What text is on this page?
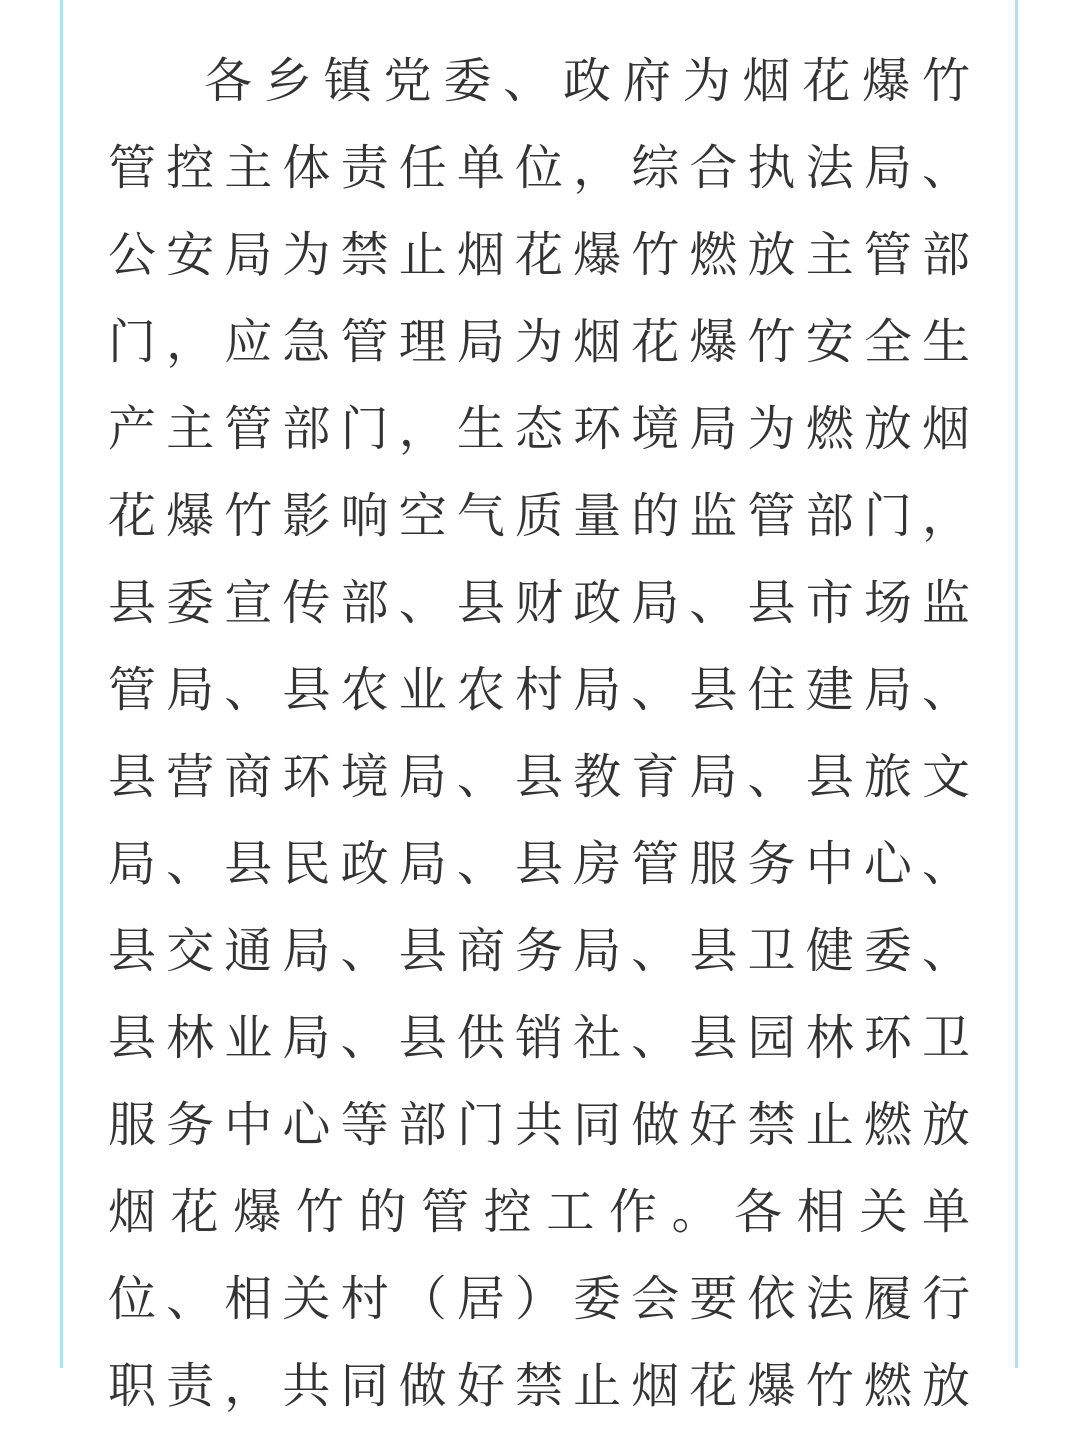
各乡镇党委、政府为烟花爆竹
管控主体责任单位，综合执法局、
公安局为禁止烟花爆竹燃放主管部
门，应急管理局为烟花爆竹安全生
产主管部门，生态环境局为燃放烟
花爆竹影响空气质量的监管部门，
县委宣传部、县财政局、县市场监
管局、县农业农村局、县住建局、
县营商环境局、县教育局、县旅文
局、县民政局、县房管服务中心、
县交通局、县商务局、县卫健委、
县林业局、县供销社、县园林环卫
服务中心等部门共同做好禁止燃放
烟花爆竹的管控工作。各相关单
位、相关村（居）委会要依法履行
职责，共同做好禁止烟花爆竹燃放
